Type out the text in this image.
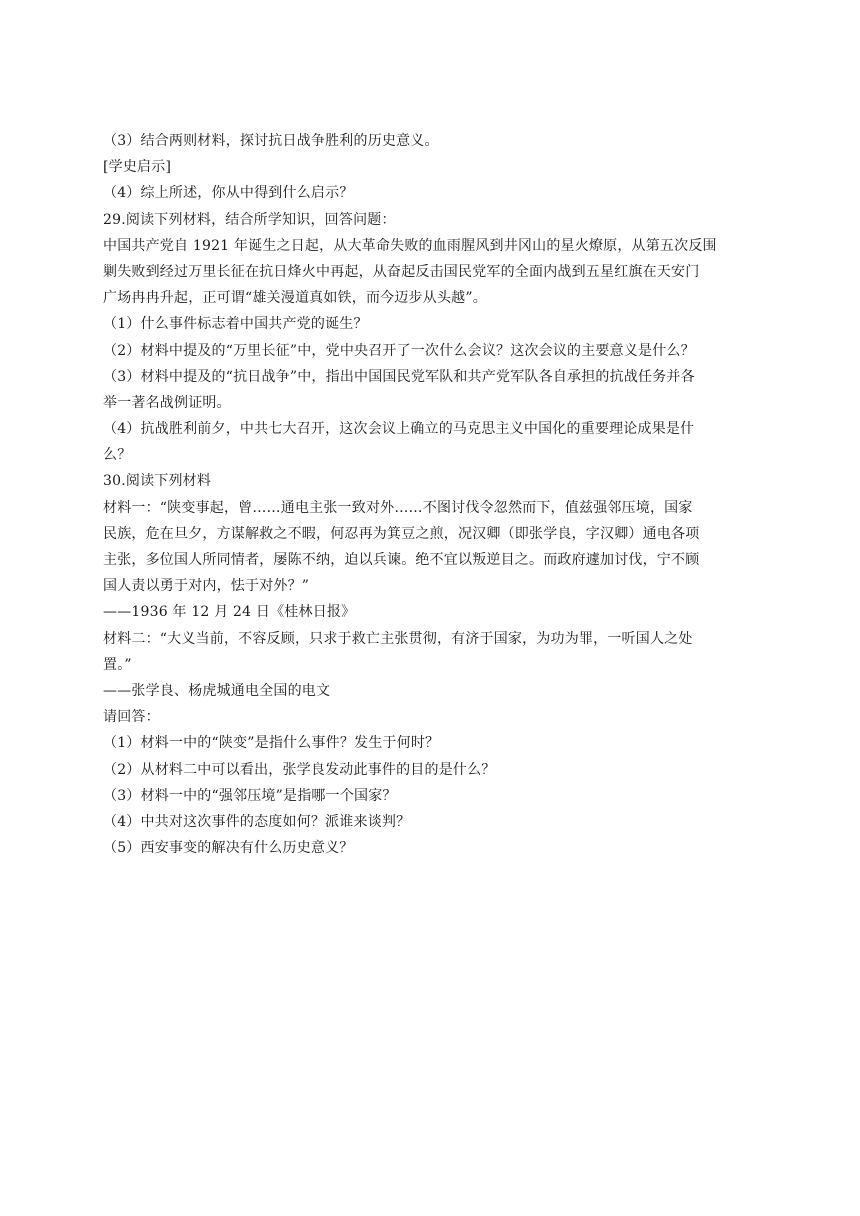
（3）结合两则材料，探讨抗日战争胜利的历史意义。
[学史启示]
（4）综上所述，你从中得到什么启示？
29.阅读下列材料，结合所学知识，回答问题：
中国共产党自 1921 年诞生之日起，从大革命失败的血雨腥风到井冈山的星火燎原，从第五次反围
剿失败到经过万里长征在抗日烽火中再起，从奋起反击国民党军的全面内战到五星红旗在天安门
广场冉冉升起，正可谓“雄关漫道真如铁，而今迈步从头越”。
（1）什么事件标志着中国共产党的诞生？
（2）材料中提及的“万里长征”中，党中央召开了一次什么会议？这次会议的主要意义是什么？
（3）材料中提及的“抗日战争”中，指出中国国民党军队和共产党军队各自承担的抗战任务并各
举一著名战例证明。
（4）抗战胜利前夕，中共七大召开，这次会议上确立的马克思主义中国化的重要理论成果是什
么？
30.阅读下列材料
材料一：“陕变事起，曾……通电主张一致对外……不图讨伐令忽然而下，值兹强邻压境，国家
民族，危在旦夕，方谋解救之不暇，何忍再为箕豆之煎，况汉卿（即张学良，字汉卿）通电各项
主张，多位国人所同情者，屡陈不纳，迫以兵谏。绝不宜以叛逆目之。而政府遽加讨伐，宁不顾
国人责以勇于对内，怯于对外？”
——1936 年 12 月 24 日《桂林日报》
材料二：“大义当前，不容反顾，只求于救亡主张贯彻，有济于国家，为功为罪，一听国人之处
置。”
——张学良、杨虎城通电全国的电文
请回答：
（1）材料一中的“陕变”是指什么事件？发生于何时？
（2）从材料二中可以看出，张学良发动此事件的目的是什么？
（3）材料一中的“强邻压境”是指哪一个国家？
（4）中共对这次事件的态度如何？派谁来谈判？
（5）西安事变的解决有什么历史意义？
